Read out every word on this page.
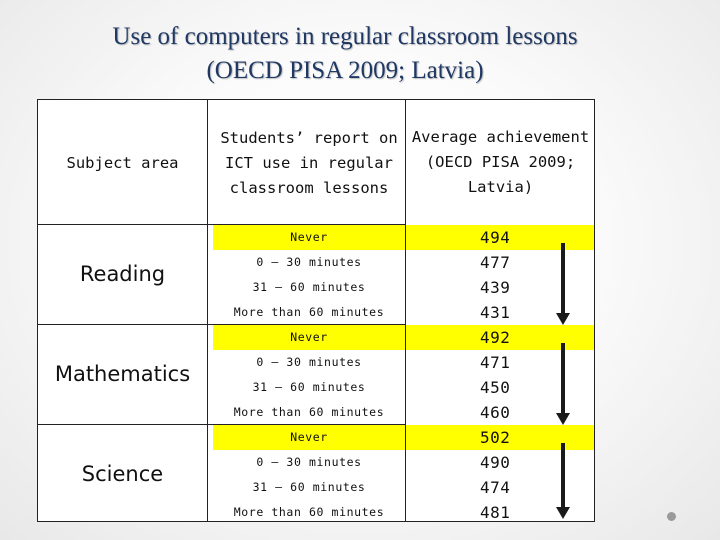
Use of computers in regular classroom lessons
(OECD PISA 2009; Latvia)
Subject area
Students’ report on ICT use in regular classroom lessons
Average achievement (OECD PISA 2009; Latvia)
Reading
Mathematics
Science
Never
0 – 30 minutes
31 – 60 minutes
More than 60 minutes
494
477
439
431
Never
0 – 30 minutes
31 – 60 minutes
More than 60 minutes
492
471
450
460
Never
0 – 30 minutes
31 – 60 minutes
More than 60 minutes
502
490
474
481
